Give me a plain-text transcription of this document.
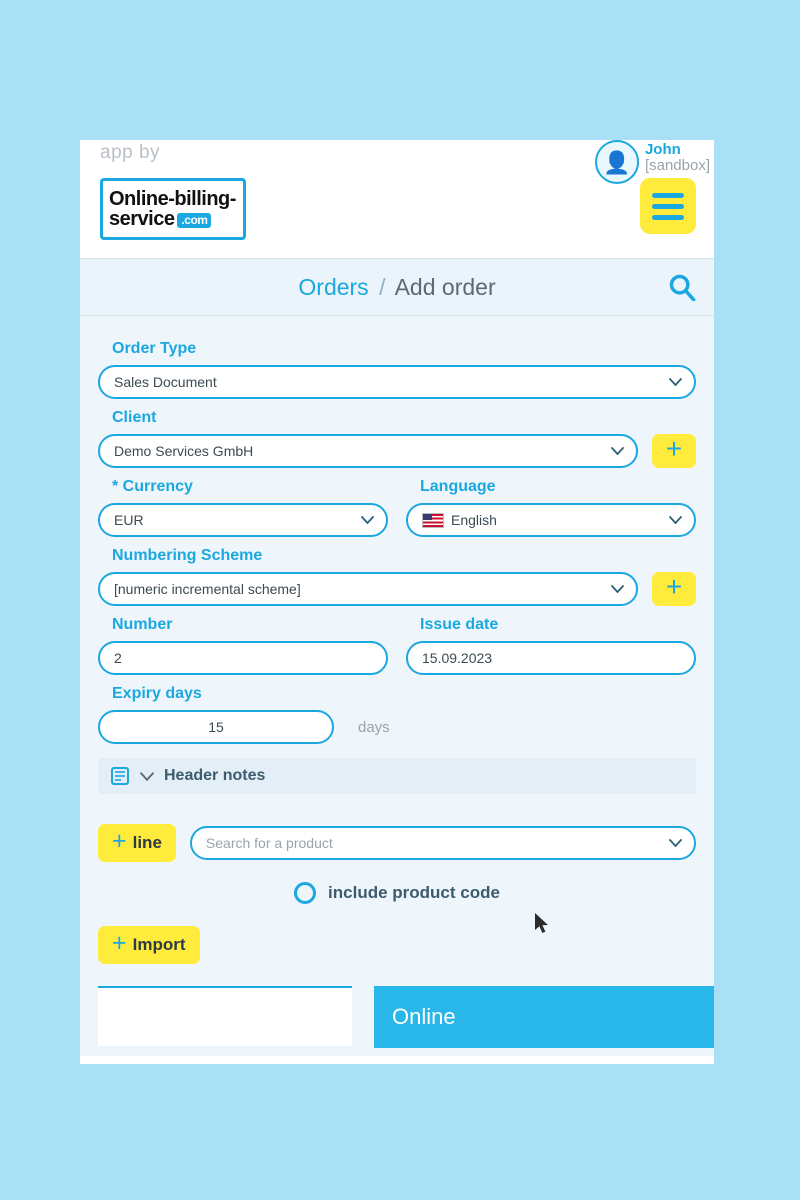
app by	👤
John
[sandbox]
Online-billing-
service .com
Orders / Add order
Order Type
Sales Document
Client
Demo Services GmbH	+
* Currency	Language
EUR	English
Numbering Scheme
[numeric incremental scheme]	+
Number	Issue date
2	15.09.2023
Expiry days
15	days
Header notes
+ line	Search for a product
include product code
+ Import
Online
